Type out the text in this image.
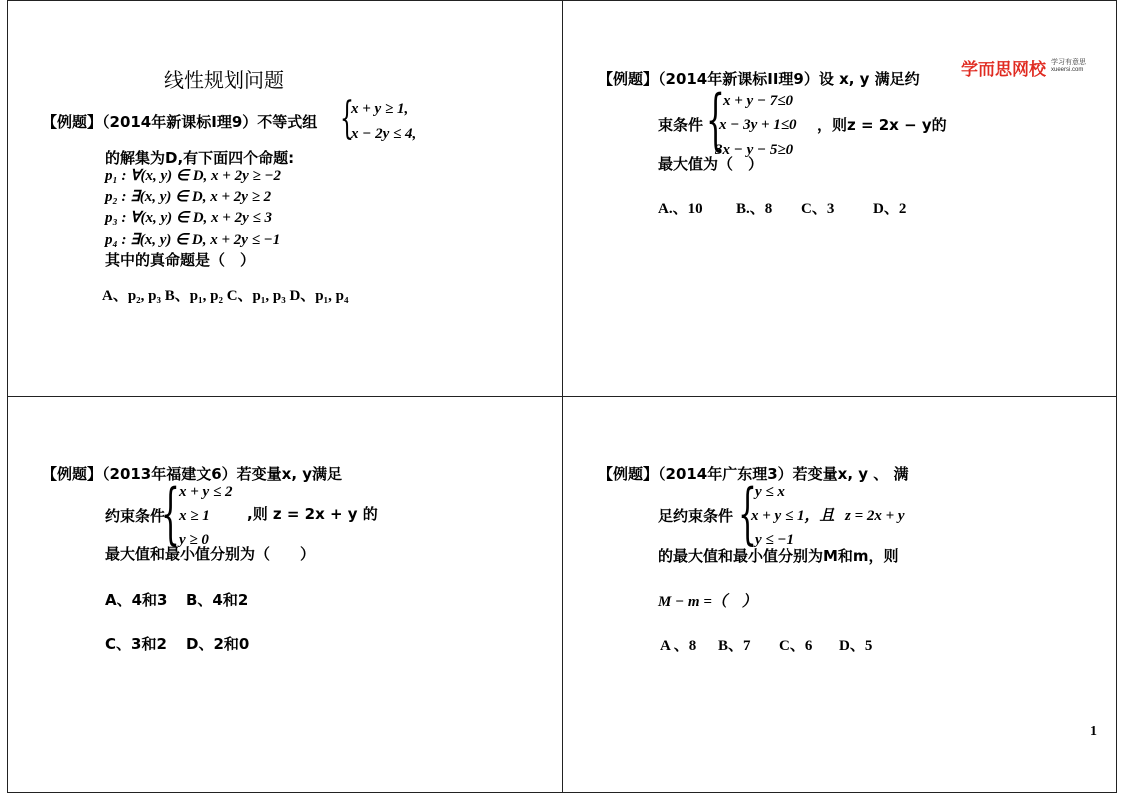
线性规划问题
【例题】（2014年新课标I理9）不等式组 {
x + y ≥ 1,
x − 2y ≤ 4,
的解集为D,有下面四个命题:
p₁ : ∀(x, y) ∈ D, x + 2y ≥ −2
p₂ : ∃(x, y) ∈ D, x + 2y ≥ 2
p₃ : ∀(x, y) ∈ D, x + 2y ≤ 3
p₄ : ∃(x, y) ∈ D, x + 2y ≤ −1
其中的真命题是（　）
A、p₂, p₃ B、p₁, p₂ C、p₁, p₃ D、p₁, p₄
学而思网校 学习有意思
xueersi.com
【例题】（2014年新课标II理9）设 x, y 满足约
{
x + y − 7≤0
x − 3y + 1≤0
3x − y − 5≥0
束条件	，则z = 2x − y的
最大值为（　）
A.、10 B.、8 C、3	D、2
【例题】（2013年福建文6）若变量x, y满足
{ x + y ≤ 2
x ≥ 1
y ≥ 0
约束条件	,则 z = 2x + y 的
最大值和最小值分别为（　　）
A、4和3 B、4和2
C、3和2 D、2和0
【例题】（2014年广东理3）若变量x, y 、 满
{
y ≤ x
x + y ≤ 1，且
y ≤ −1
足约束条件	z = 2x + y
的最大值和最小值分别为M和m，则
M − m =（　）
A 、8 B、7 C、6 D、5
1
